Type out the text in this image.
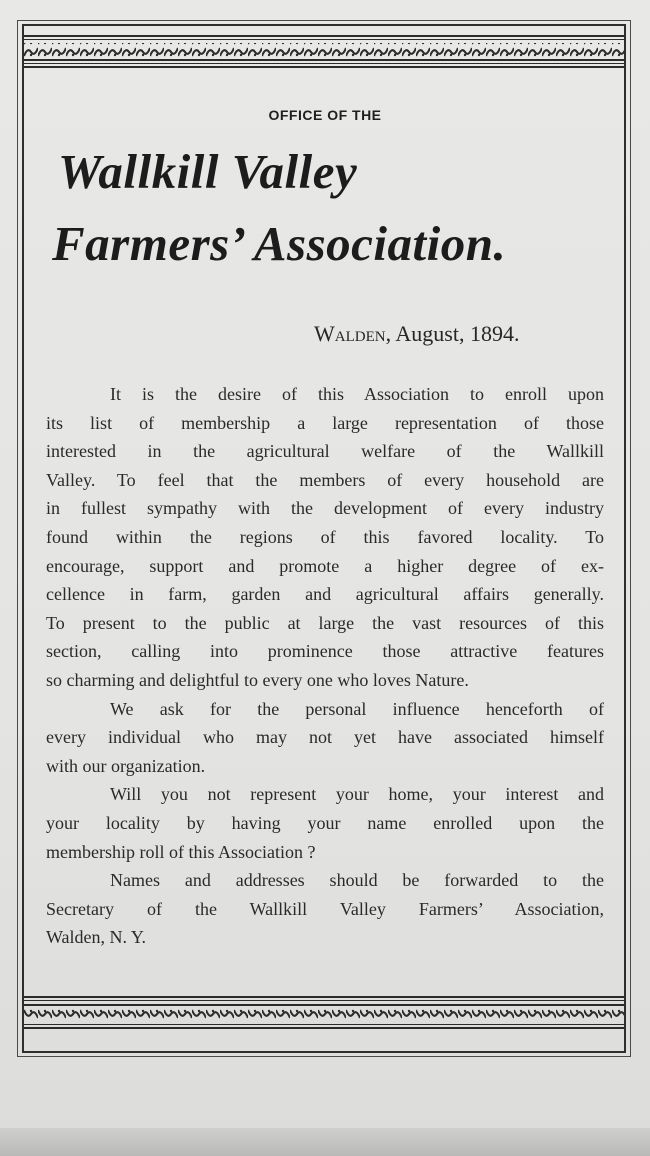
OFFICE OF THE
Wallkill Valley
Farmers’ Association.
Walden, August, 1894.
It is the desire of this Association to enroll upon
its list of membership a large representation of those
interested in the agricultural welfare of the Wallkill
Valley. To feel that the members of every household are
in fullest sympathy with the development of every industry
found within the regions of this favored locality. To
encourage, support and promote a higher degree of ex-
cellence in farm, garden and agricultural affairs generally.
To present to the public at large the vast resources of this
section, calling into prominence those attractive features
so charming and delightful to every one who loves Nature.
We ask for the personal influence henceforth of
every individual who may not yet have associated himself
with our organization.
Will you not represent your home, your interest and
your locality by having your name enrolled upon the
membership roll of this Association ?
Names and addresses should be forwarded to the
Secretary of the Wallkill Valley Farmers’ Association,
Walden, N. Y.
